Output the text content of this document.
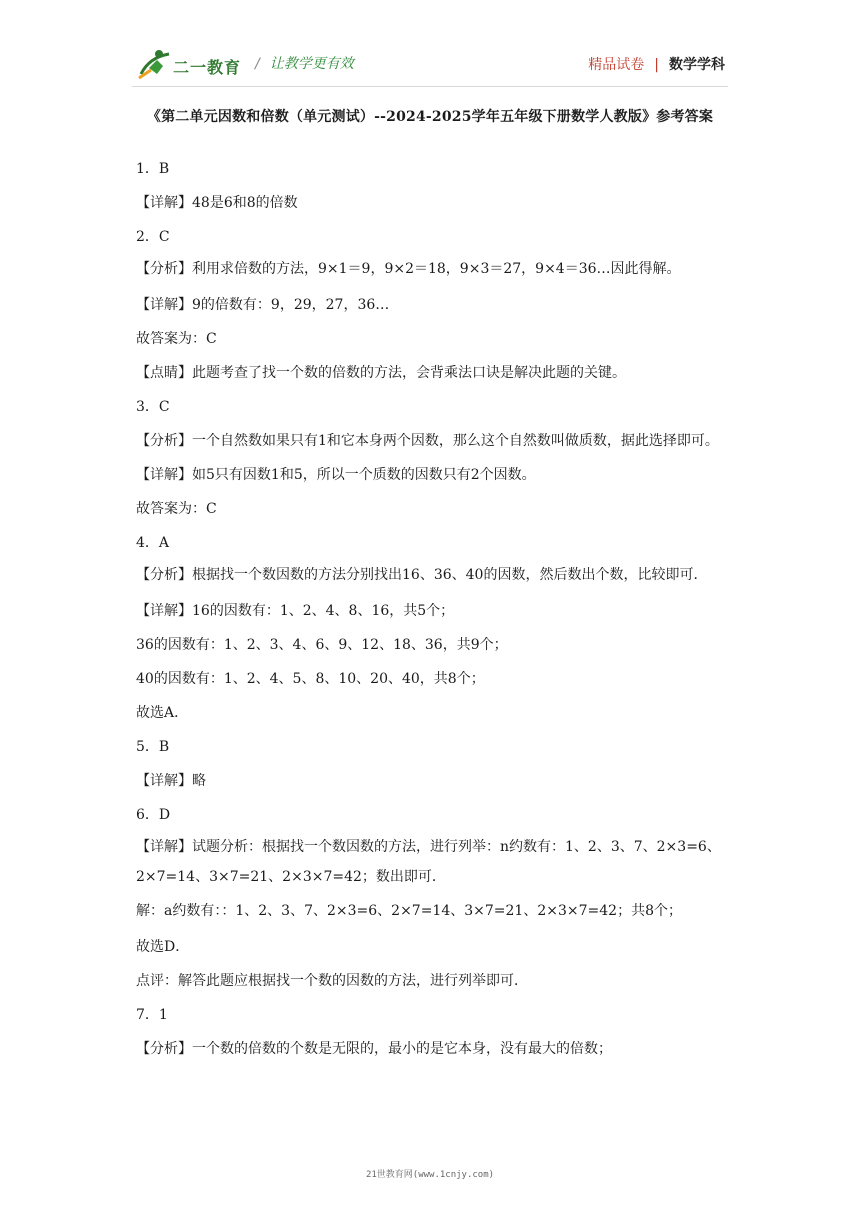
二一教育 / 让教学更有效	精品试卷 | 数学学科
《第二单元因数和倍数（单元测试）--2024-2025学年五年级下册数学人教版》参考答案
1．B
【详解】48是6和8的倍数
2．C
【分析】利用求倍数的方法，9×1＝9，9×2＝18，9×3＝27，9×4＝36…因此得解。
【详解】9的倍数有：9，29，27，36…
故答案为：C
【点睛】此题考查了找一个数的倍数的方法，会背乘法口诀是解决此题的关键。
3．C
【分析】一个自然数如果只有1和它本身两个因数，那么这个自然数叫做质数，据此选择即可。
【详解】如5只有因数1和5，所以一个质数的因数只有2个因数。
故答案为：C
4．A
【分析】根据找一个数因数的方法分别找出16、36、40的因数，然后数出个数，比较即可．
【详解】16的因数有：1、2、4、8、16，共5个；
36的因数有：1、2、3、4、6、9、12、18、36，共9个；
40的因数有：1、2、4、5、8、10、20、40，共8个；
故选A．
5．B
【详解】略
6．D
【详解】试题分析：根据找一个数因数的方法，进行列举：n约数有：1、2、3、7、2×3=6、2×7=14、3×7=21、2×3×7=42；数出即可．
解：a约数有：：1、2、3、7、2×3=6、2×7=14、3×7=21、2×3×7=42；共8个；
故选D．
点评：解答此题应根据找一个数的因数的方法，进行列举即可．
7．1
【分析】一个数的倍数的个数是无限的，最小的是它本身，没有最大的倍数；
21世教育网(www.1cnjy.com)
